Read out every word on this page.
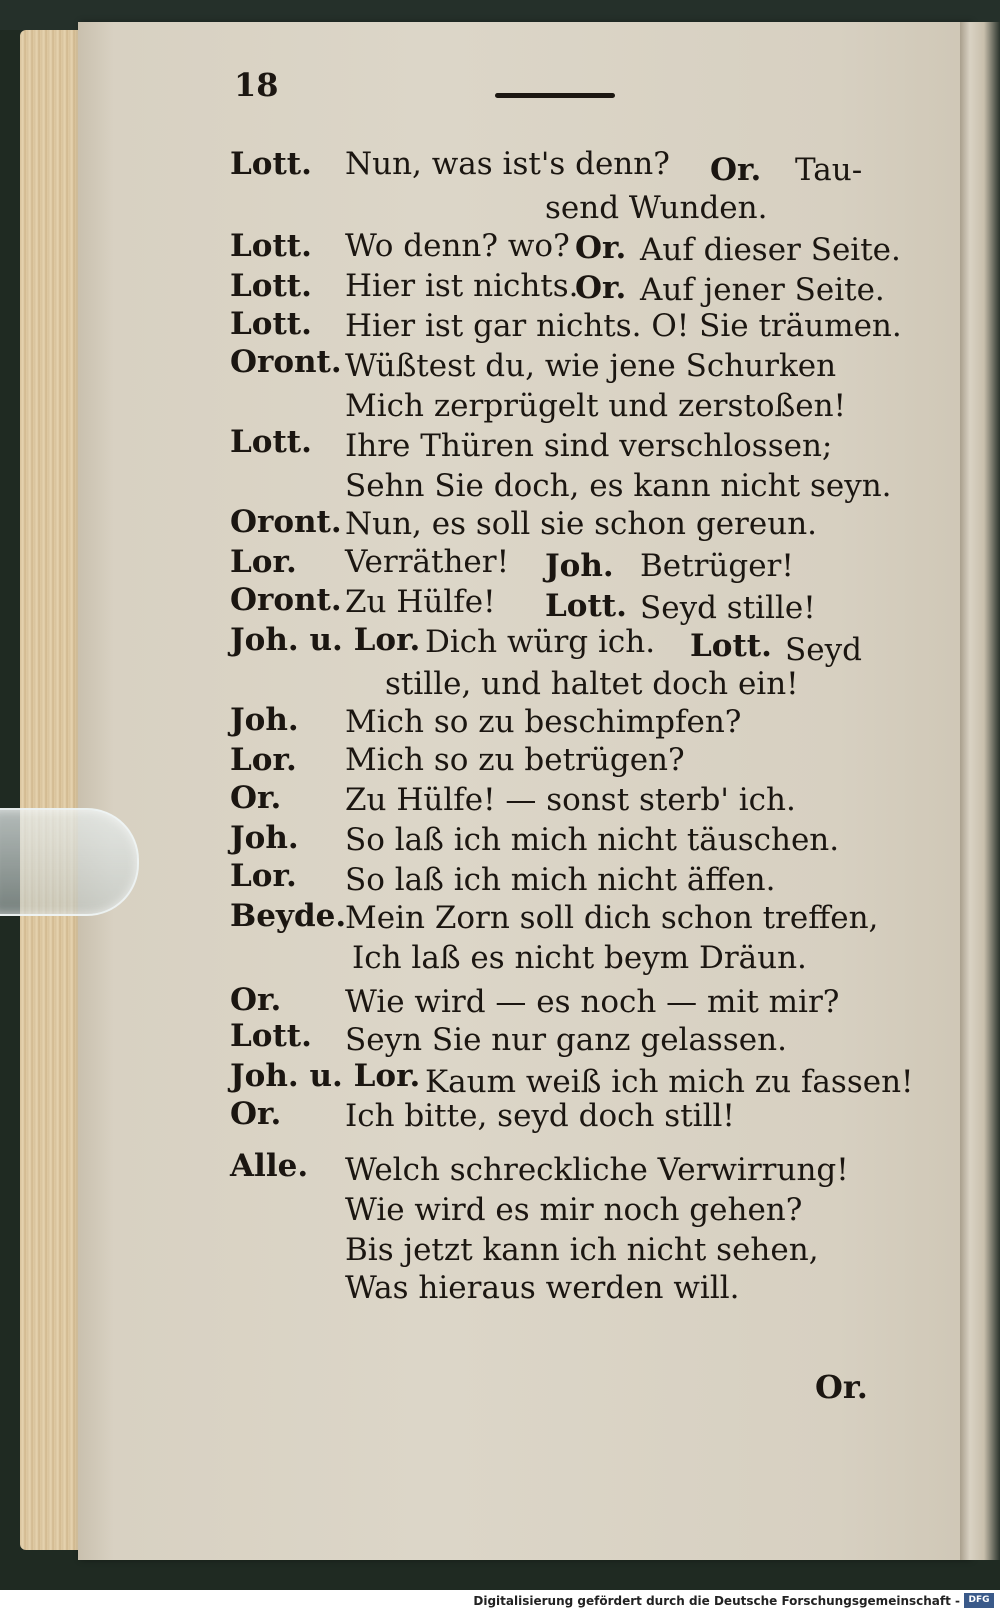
18
Lott. Nun, was ist's denn? Or. Tau-
send Wunden.
Lott. Wo denn? wo? Or. Auf dieser Seite.
Lott. Hier ist nichts.
Or. Auf jener Seite.
Lott. Hier ist gar nichts. O! Sie träumen.
Oront. Wüßtest du, wie jene Schurken
Mich zerprügelt und zerstoßen!
Lott. Ihre Thüren sind verschlossen;
Sehn Sie doch, es kann nicht seyn.
Oront. Nun, es soll sie schon gereun.
Lor. Verräther! Joh. Betrüger!
Oront. Zu Hülfe! Lott. Seyd stille!
Joh. u. Lor. Dich würg ich. Lott. Seyd
stille, und haltet doch ein!
Joh. Mich so zu beschimpfen?
Lor. Mich so zu betrügen?
Or. Zu Hülfe! — sonst sterb' ich.
Joh. So laß ich mich nicht täuschen.
Lor. So laß ich mich nicht äffen.
Beyde.
Mein Zorn soll dich schon treffen,
Ich laß es nicht beym Dräun.
Or. Wie wird — es noch — mit mir?
Lott. Seyn Sie nur ganz gelassen.
Joh. u. Lor. Kaum weiß ich mich zu fassen!
Or. Ich bitte, seyd doch still!
Alle. Welch schreckliche Verwirrung!
Wie wird es mir noch gehen?
Bis jetzt kann ich nicht sehen,
Was hieraus werden will.
Or.
Digitalisierung gefördert durch die Deutsche Forschungsgemeinschaft - DFG
